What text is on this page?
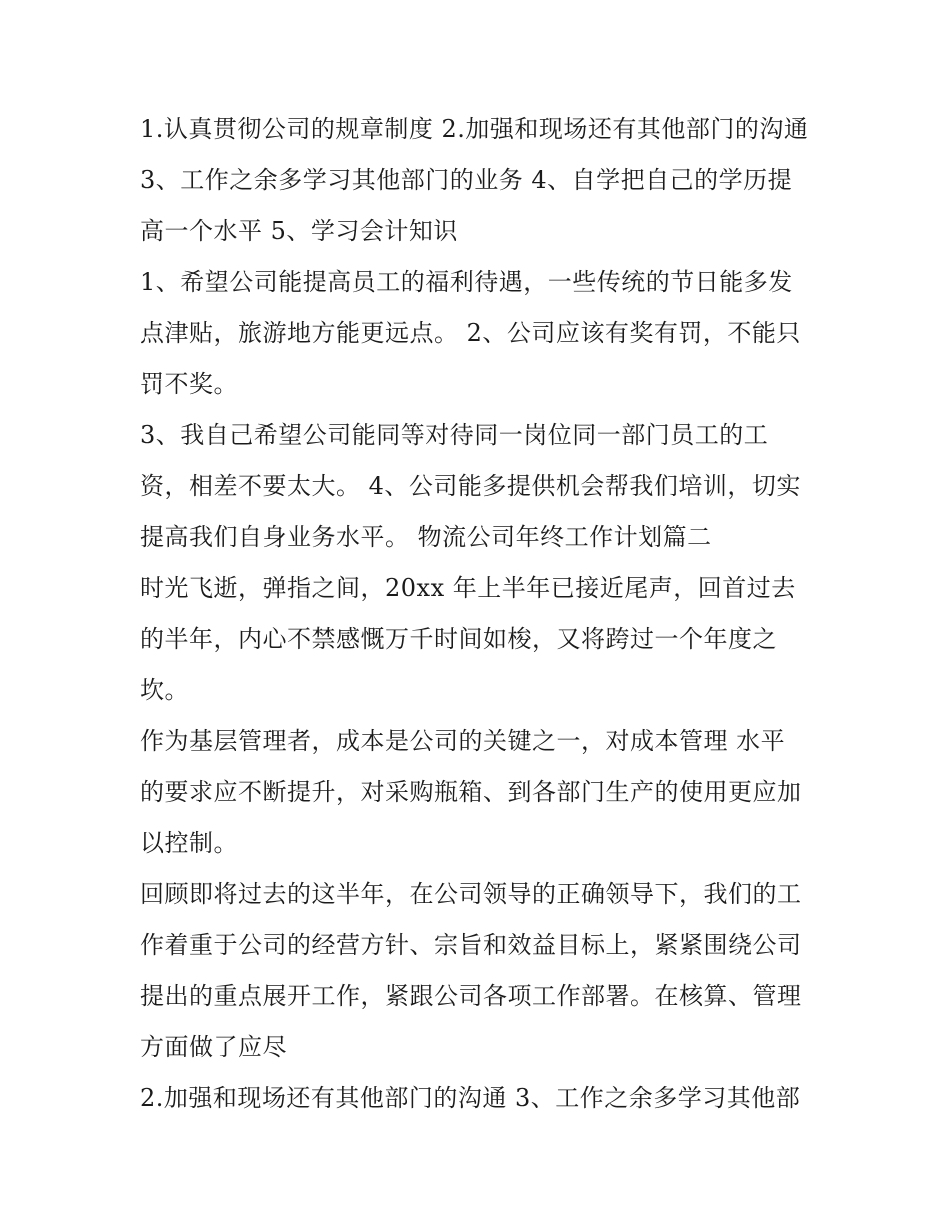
1.认真贯彻公司的规章制度 2.加强和现场还有其他部门的沟通
3、工作之余多学习其他部门的业务 4、自学把自己的学历提
高一个水平 5、学习会计知识
1、希望公司能提高员工的福利待遇，一些传统的节日能多发
点津贴，旅游地方能更远点。 2、公司应该有奖有罚，不能只
罚不奖。
3、我自己希望公司能同等对待同一岗位同一部门员工的工
资，相差不要太大。 4、公司能多提供机会帮我们培训，切实
提高我们自身业务水平。 物流公司年终工作计划篇二
时光飞逝，弹指之间，20xx 年上半年已接近尾声，回首过去
的半年，内心不禁感慨万千时间如梭，又将跨过一个年度之
坎。
作为基层管理者，成本是公司的关键之一，对成本管理 水平
的要求应不断提升，对采购瓶箱、到各部门生产的使用更应加
以控制。
回顾即将过去的这半年，在公司领导的正确领导下，我们的工
作着重于公司的经营方针、宗旨和效益目标上，紧紧围绕公司
提出的重点展开工作，紧跟公司各项工作部署。在核算、管理
方面做了应尽
2.加强和现场还有其他部门的沟通 3、工作之余多学习其他部
